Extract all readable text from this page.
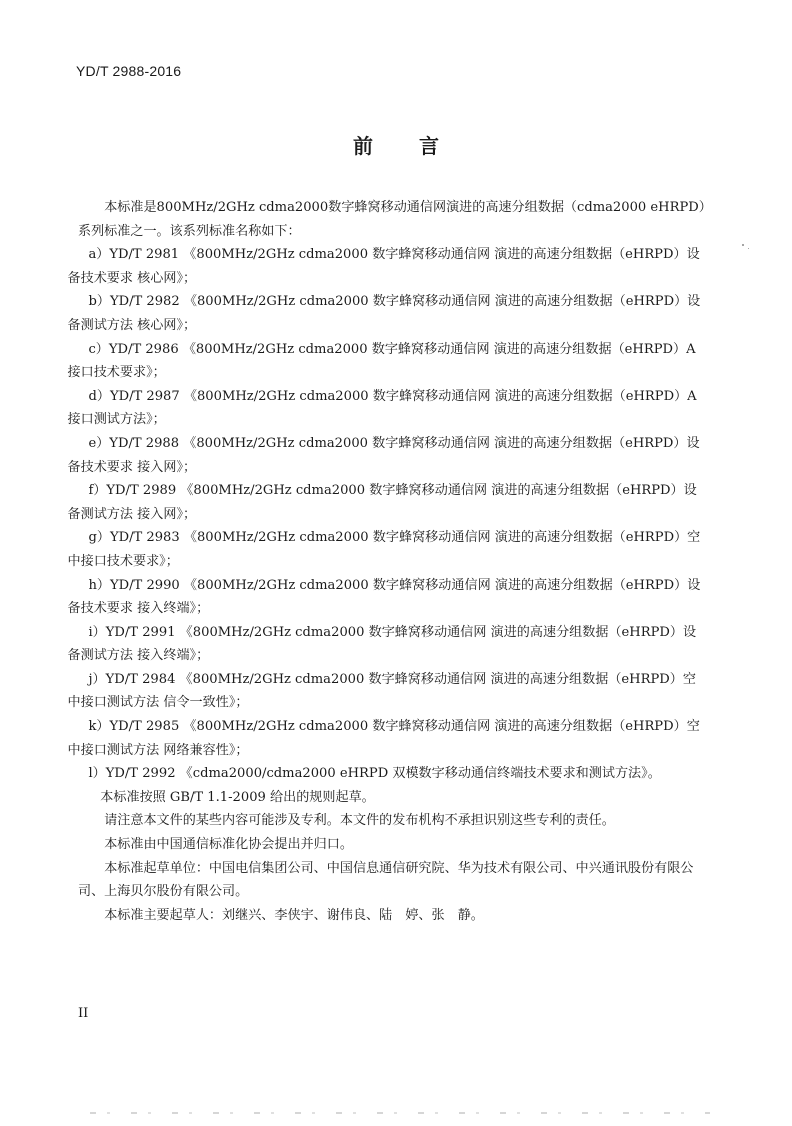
YD/T 2988-2016
前 言

本标准是800MHz/2GHz cdma2000数字蜂窝移动通信网演进的高速分组数据（cdma2000 eHRPD）系列标准之一。该系列标准名称如下：

a）YD/T 2981 《800MHz/2GHz cdma2000 数字蜂窝移动通信网 演进的高速分组数据（eHRPD）设
备技术要求 核心网》；

b）YD/T 2982 《800MHz/2GHz cdma2000 数字蜂窝移动通信网 演进的高速分组数据（eHRPD）设
备测试方法 核心网》；

c）YD/T 2986 《800MHz/2GHz cdma2000 数字蜂窝移动通信网 演进的高速分组数据（eHRPD）A
接口技术要求》；

d）YD/T 2987 《800MHz/2GHz cdma2000 数字蜂窝移动通信网 演进的高速分组数据（eHRPD）A
接口测试方法》；

e）YD/T 2988 《800MHz/2GHz cdma2000 数字蜂窝移动通信网 演进的高速分组数据（eHRPD）设
备技术要求 接入网》；

f）YD/T 2989 《800MHz/2GHz cdma2000 数字蜂窝移动通信网 演进的高速分组数据（eHRPD）设
备测试方法 接入网》；

g）YD/T 2983 《800MHz/2GHz cdma2000 数字蜂窝移动通信网 演进的高速分组数据（eHRPD）空
中接口技术要求》；

h）YD/T 2990 《800MHz/2GHz cdma2000 数字蜂窝移动通信网 演进的高速分组数据（eHRPD）设
备技术要求 接入终端》；

i）YD/T 2991 《800MHz/2GHz cdma2000 数字蜂窝移动通信网 演进的高速分组数据（eHRPD）设
备测试方法 接入终端》；

j）YD/T 2984 《800MHz/2GHz cdma2000 数字蜂窝移动通信网 演进的高速分组数据（eHRPD）空
中接口测试方法 信令一致性》；

k）YD/T 2985 《800MHz/2GHz cdma2000 数字蜂窝移动通信网 演进的高速分组数据（eHRPD）空
中接口测试方法 网络兼容性》；

l）YD/T 2992 《cdma2000/cdma2000 eHRPD 双模数字移动通信终端技术要求和测试方法》。

本标准按照 GB/T 1.1-2009 给出的规则起草。

请注意本文件的某些内容可能涉及专利。本文件的发布机构不承担识别这些专利的责任。

本标准由中国通信标准化协会提出并归口。

本标准起草单位：中国电信集团公司、中国信息通信研究院、华为技术有限公司、中兴通讯股份有限公司、上海贝尔股份有限公司。

本标准主要起草人：刘继兴、李侠宇、谢伟良、陆　婷、张　静。

II
